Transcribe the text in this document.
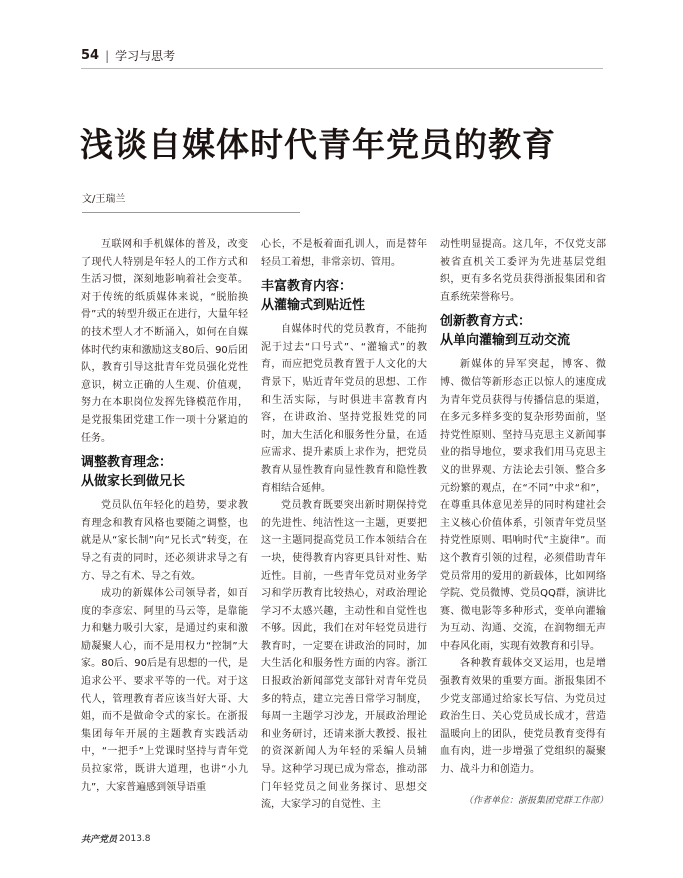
54 | 学习与思考
浅谈自媒体时代青年党员的教育
文/王瑞兰

互联网和手机媒体的普及，改变了现代人特别是年轻人的工作方式和生活习惯，深刻地影响着社会变革。对于传统的纸质媒体来说，“脱胎换骨”式的转型升级正在进行，大量年轻的技术型人才不断涌入，如何在自媒体时代约束和激励这支80后、90后团队，教育引导这批青年党员强化党性意识，树立正确的人生观、价值观，努力在本职岗位发挥先锋模范作用，是党报集团党建工作一项十分紧迫的任务。

调整教育理念：
从做家长到做兄长

党员队伍年轻化的趋势，要求教育理念和教育风格也要随之调整，也就是从“家长制”向“兄长式”转变，在导之有责的同时，还必须讲求导之有方、导之有术、导之有效。

成功的新媒体公司领导者，如百度的李彦宏、阿里的马云等，是靠能力和魅力吸引大家，是通过约束和激励凝聚人心，而不是用权力“控制”大家。80后、90后是有思想的一代，是追求公平、要求平等的一代。对于这代人，管理教育者应该当好大哥、大姐，而不是做命令式的家长。在浙报集团每年开展的主题教育实践活动中，“一把手”上党课时坚持与青年党员拉家常，既讲大道理，也讲“小九九”，大家普遍感到领导语重

心长，不是板着面孔训人，而是替年轻员工着想，非常亲切、管用。

丰富教育内容：
从灌输式到贴近性

自媒体时代的党员教育，不能拘泥于过去“口号式”、“灌输式”的教育，而应把党员教育置于人文化的大背景下，贴近青年党员的思想、工作和生活实际，与时俱进丰富教育内容，在讲政治、坚持党报姓党的同时，加大生活化和服务性分量，在适应需求、提升素质上求作为，把党员教育从显性教育向显性教育和隐性教育相结合延伸。

党员教育既要突出新时期保持党的先进性、纯洁性这一主题，更要把这一主题同提高党员工作本领结合在一块，使得教育内容更具针对性、贴近性。目前，一些青年党员对业务学习和学历教育比较热心，对政治理论学习不太感兴趣，主动性和自觉性也不够。因此，我们在对年轻党员进行教育时，一定要在讲政治的同时，加大生活化和服务性方面的内容。浙江日报政治新闻部党支部针对青年党员多的特点，建立完善日常学习制度，每周一主题学习沙龙，开展政治理论和业务研讨，还请来浙大教授、报社的资深新闻人为年轻的采编人员辅导。这种学习现已成为常态，推动部门年轻党员之间业务探讨、思想交流，大家学习的自觉性、主

动性明显提高。这几年，不仅党支部被省直机关工委评为先进基层党组织，更有多名党员获得浙报集团和省直系统荣誉称号。

创新教育方式：
从单向灌输到互动交流

新媒体的异军突起，博客、微博、微信等新形态正以惊人的速度成为青年党员获得与传播信息的渠道，在多元多样多变的复杂形势面前，坚持党性原则、坚持马克思主义新闻事业的指导地位，要求我们用马克思主义的世界观、方法论去引领、整合多元纷繁的观点，在“不同”中求“和”，在尊重具体意见差异的同时构建社会主义核心价值体系，引领青年党员坚持党性原则、唱响时代“主旋律”。而这个教育引领的过程，必须借助青年党员常用的爱用的新载体，比如网络学院、党员微博、党员QQ群，演讲比赛、微电影等多种形式，变单向灌输为互动、沟通、交流，在润物细无声中春风化雨，实现有效教育和引导。

各种教育载体交叉运用，也是增强教育效果的重要方面。浙报集团不少党支部通过给家长写信、为党员过政治生日、关心党员成长成才，营造温暖向上的团队，使党员教育变得有血有肉，进一步增强了党组织的凝聚力、战斗力和创造力。

（作者单位：浙报集团党群工作部）
共产党员 2013.8
